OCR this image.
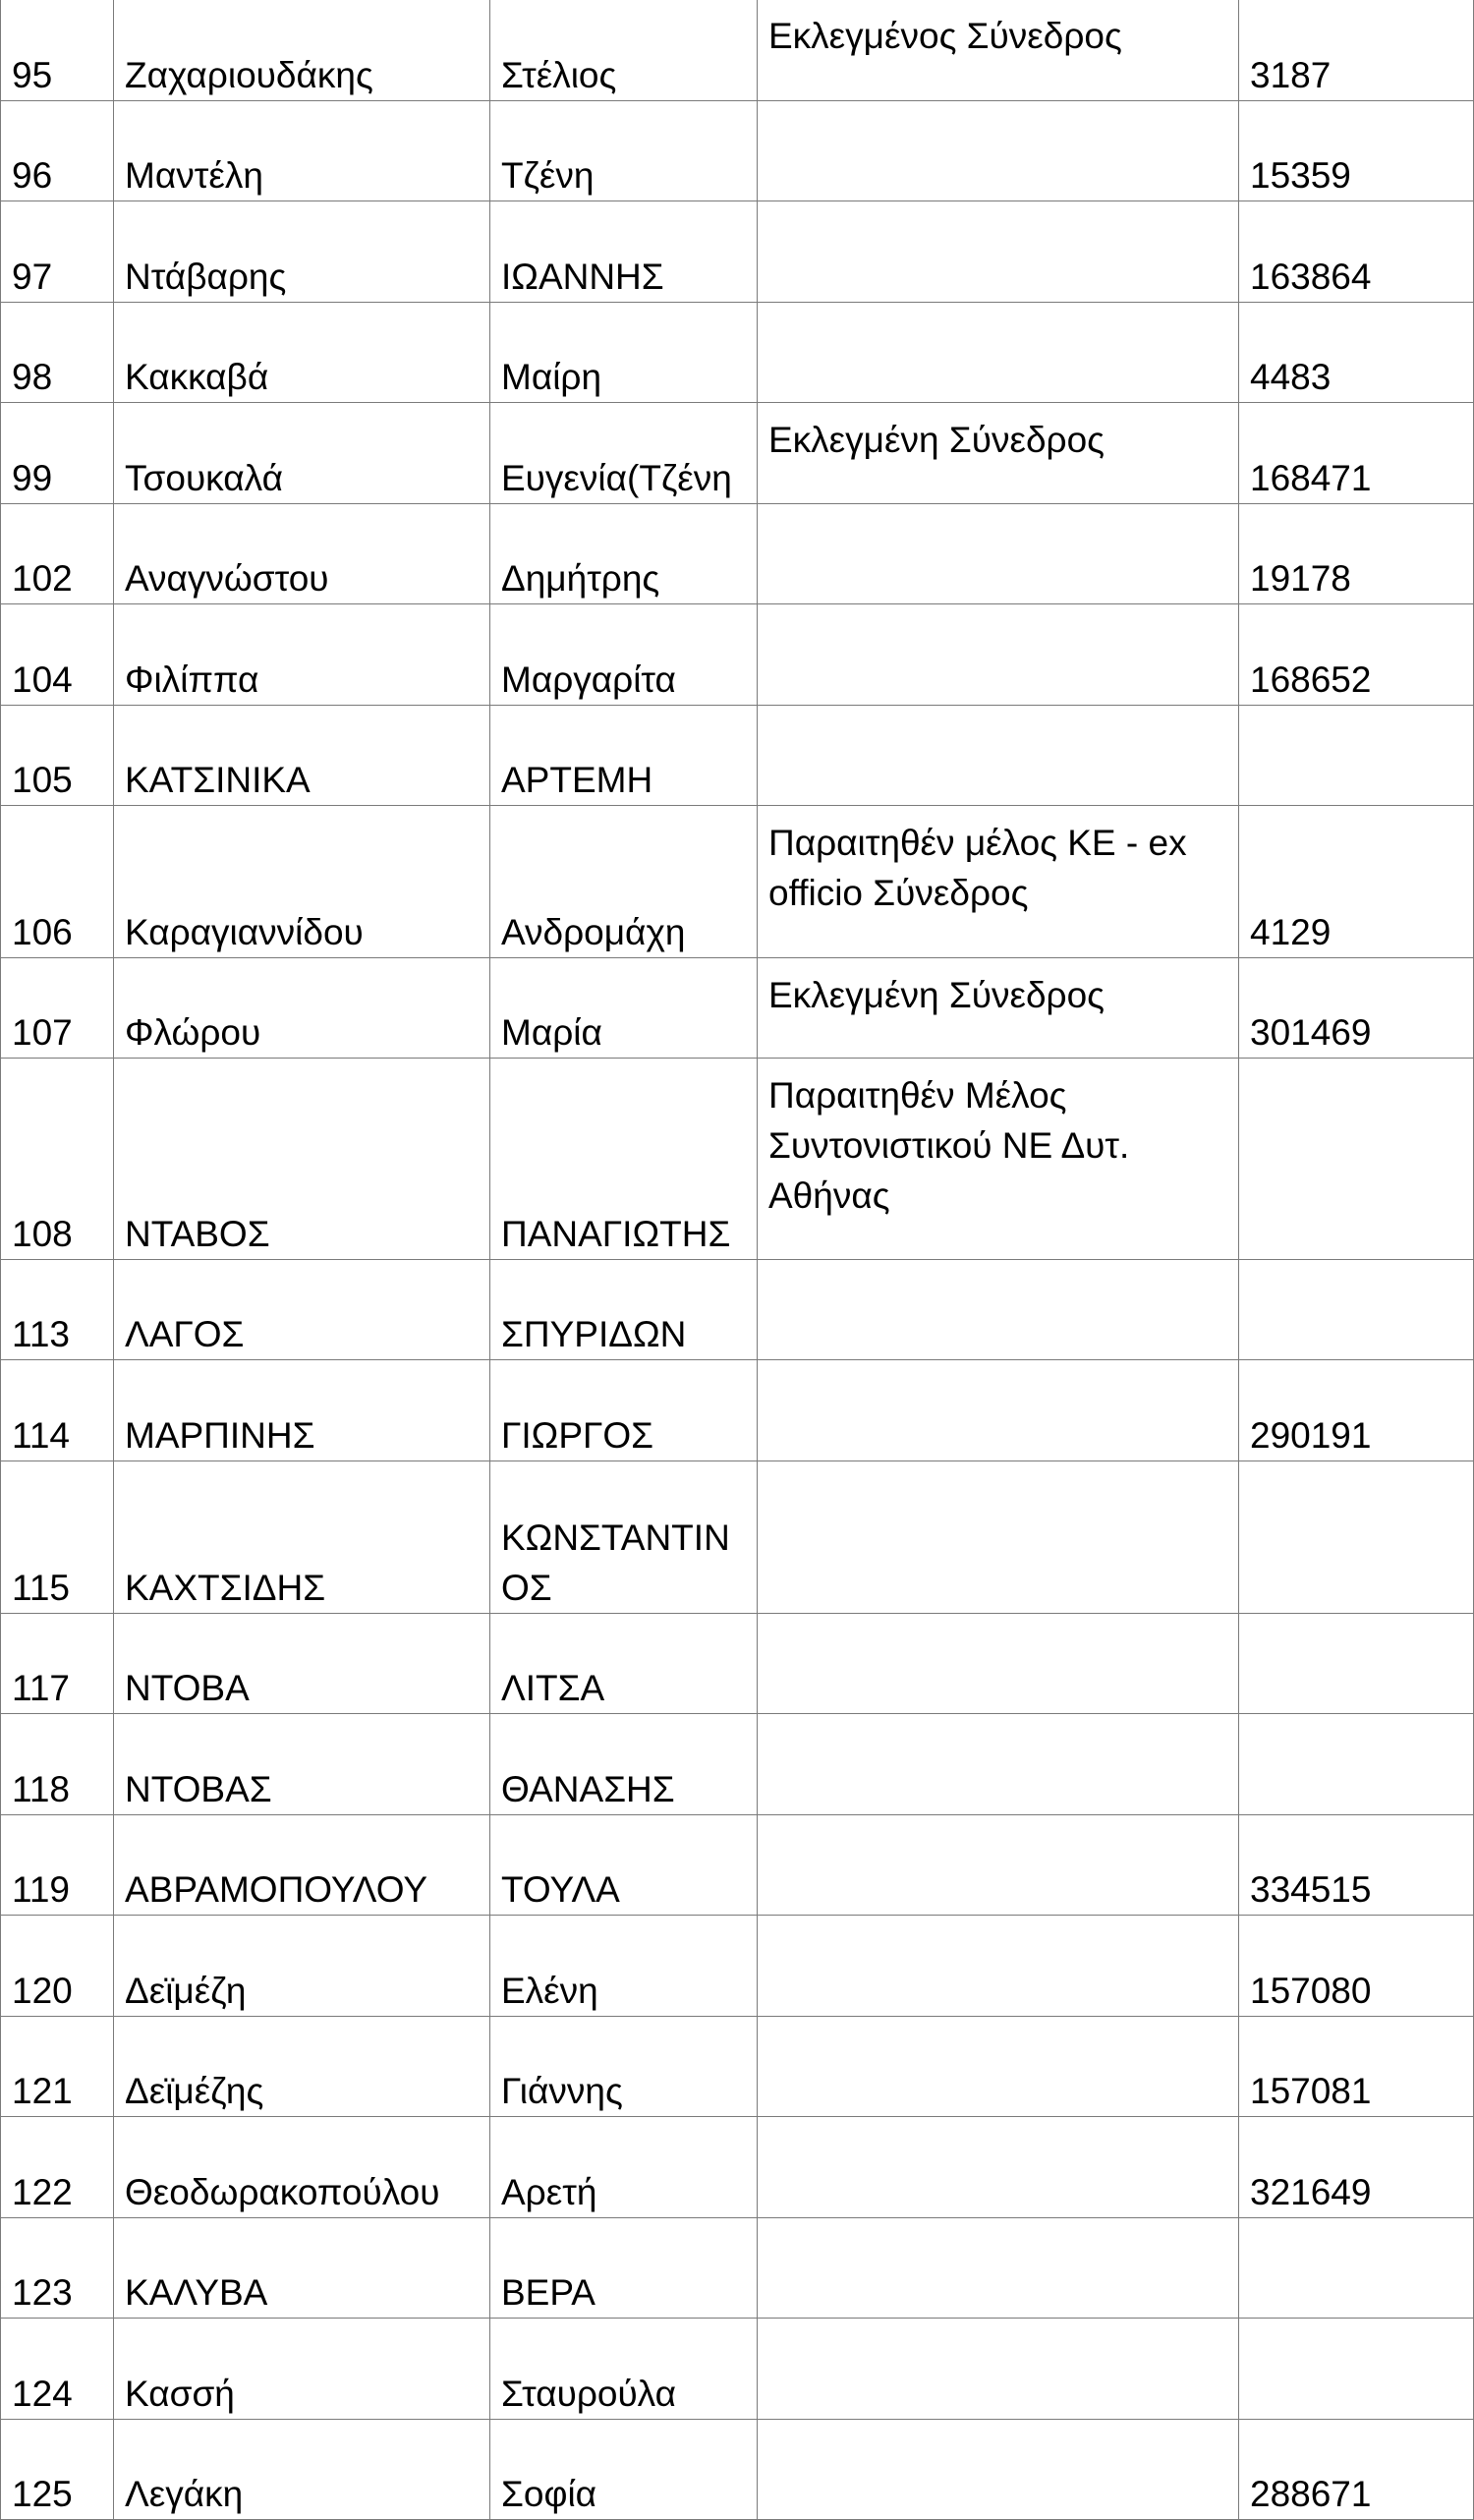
95	Ζαχαριουδάκης	Στέλιος	Εκλεγμένος Σύνεδρος	3187

96	Μαντέλη	Τζένη		15359

97	Ντάβαρης	ΙΩΑΝΝΗΣ		163864

98	Κακκαβά	Μαίρη		4483

99	Τσουκαλά	Ευγενία(Τζένη	Εκλεγμένη Σύνεδρος	168471

102	Αναγνώστου	Δημήτρης		19178

104	Φιλίππα	Μαργαρίτα		168652

105	ΚΑΤΣΙΝΙΚΑ	ΑΡΤΕΜΗ		

106	Καραγιαννίδου	Ανδρομάχη	Παραιτηθέν μέλος ΚΕ - ex officio Σύνεδρος	4129

107	Φλώρου	Μαρία	Εκλεγμένη Σύνεδρος	301469

108	ΝΤΑΒΟΣ	ΠΑΝΑΓΙΩΤΗΣ	Παραιτηθέν Μέλος Συντονιστικού ΝΕ Δυτ. Αθήνας	

113	ΛΑΓΟΣ	ΣΠΥΡΙΔΩΝ		

114	ΜΑΡΠΙΝΗΣ	ΓΙΩΡΓΟΣ		290191

115	ΚΑΧΤΣΙΔΗΣ	ΚΩΝΣΤΑΝΤΙΝΟΣ		

117	ΝΤΟΒΑ	ΛΙΤΣΑ		

118	ΝΤΟΒΑΣ	ΘΑΝΑΣΗΣ		

119	ΑΒΡΑΜΟΠΟΥΛΟΥ	ΤΟΥΛΑ		334515

120	Δεϊμέζη	Ελένη		157080

121	Δεϊμέζης	Γιάννης		157081

122	Θεοδωρακοπούλου	Αρετή		321649

123	ΚΑΛΥΒΑ	ΒΕΡΑ		

124	Κασσή	Σταυρούλα		

125	Λεγάκη	Σοφία		288671
